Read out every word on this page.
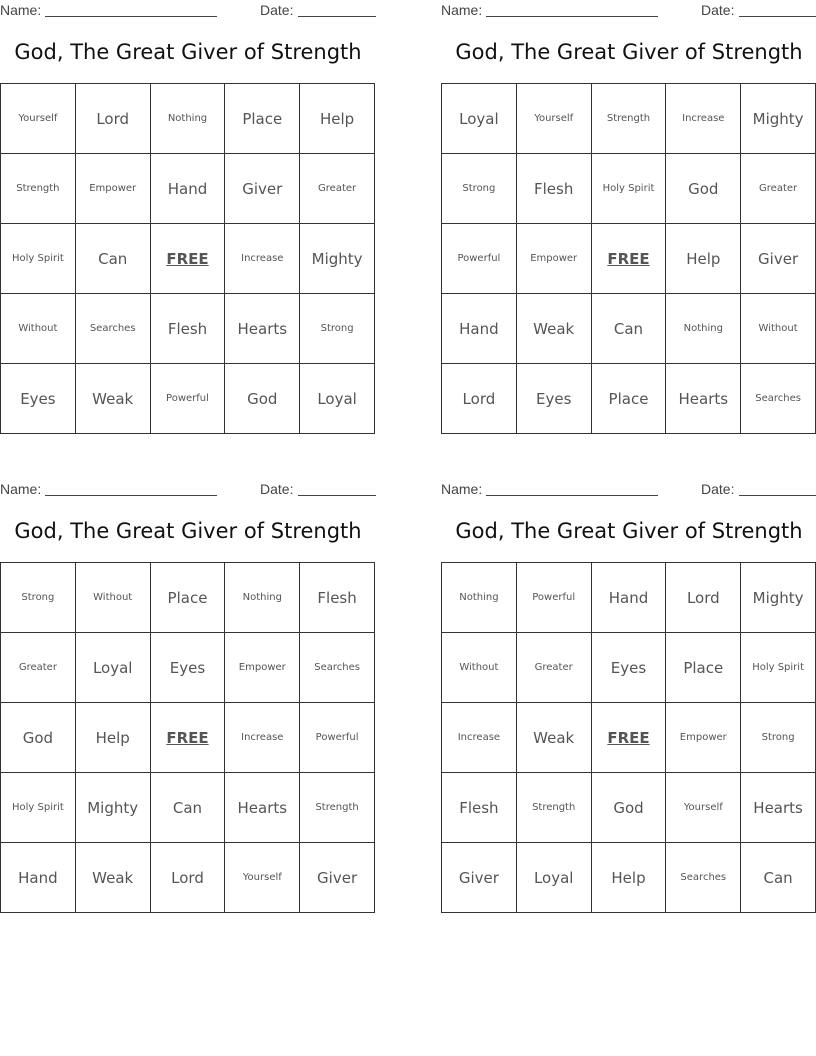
Name:	Date:
God, The Great Giver of Strength
Yourself	Lord	Nothing	Place	Help
Strength	Empower	Hand	Giver	Greater
Holy Spirit	Can	FREE	Increase	Mighty
Without	Searches	Flesh	Hearts	Strong
Eyes	Weak	Powerful	God	Loyal
Name:	Date:
God, The Great Giver of Strength
Loyal	Yourself	Strength	Increase	Mighty
Strong	Flesh	Holy Spirit	God	Greater
Powerful	Empower	FREE	Help	Giver
Hand	Weak	Can	Nothing	Without
Lord	Eyes	Place	Hearts	Searches
Name:	Date:
God, The Great Giver of Strength
Strong	Without	Place	Nothing	Flesh
Greater	Loyal	Eyes	Empower	Searches
God	Help	FREE	Increase	Powerful
Holy Spirit	Mighty	Can	Hearts	Strength
Hand	Weak	Lord	Yourself	Giver
Name:	Date:
God, The Great Giver of Strength
Nothing	Powerful	Hand	Lord	Mighty
Without	Greater	Eyes	Place	Holy Spirit
Increase	Weak	FREE	Empower	Strong
Flesh	Strength	God	Yourself	Hearts
Giver	Loyal	Help	Searches	Can
